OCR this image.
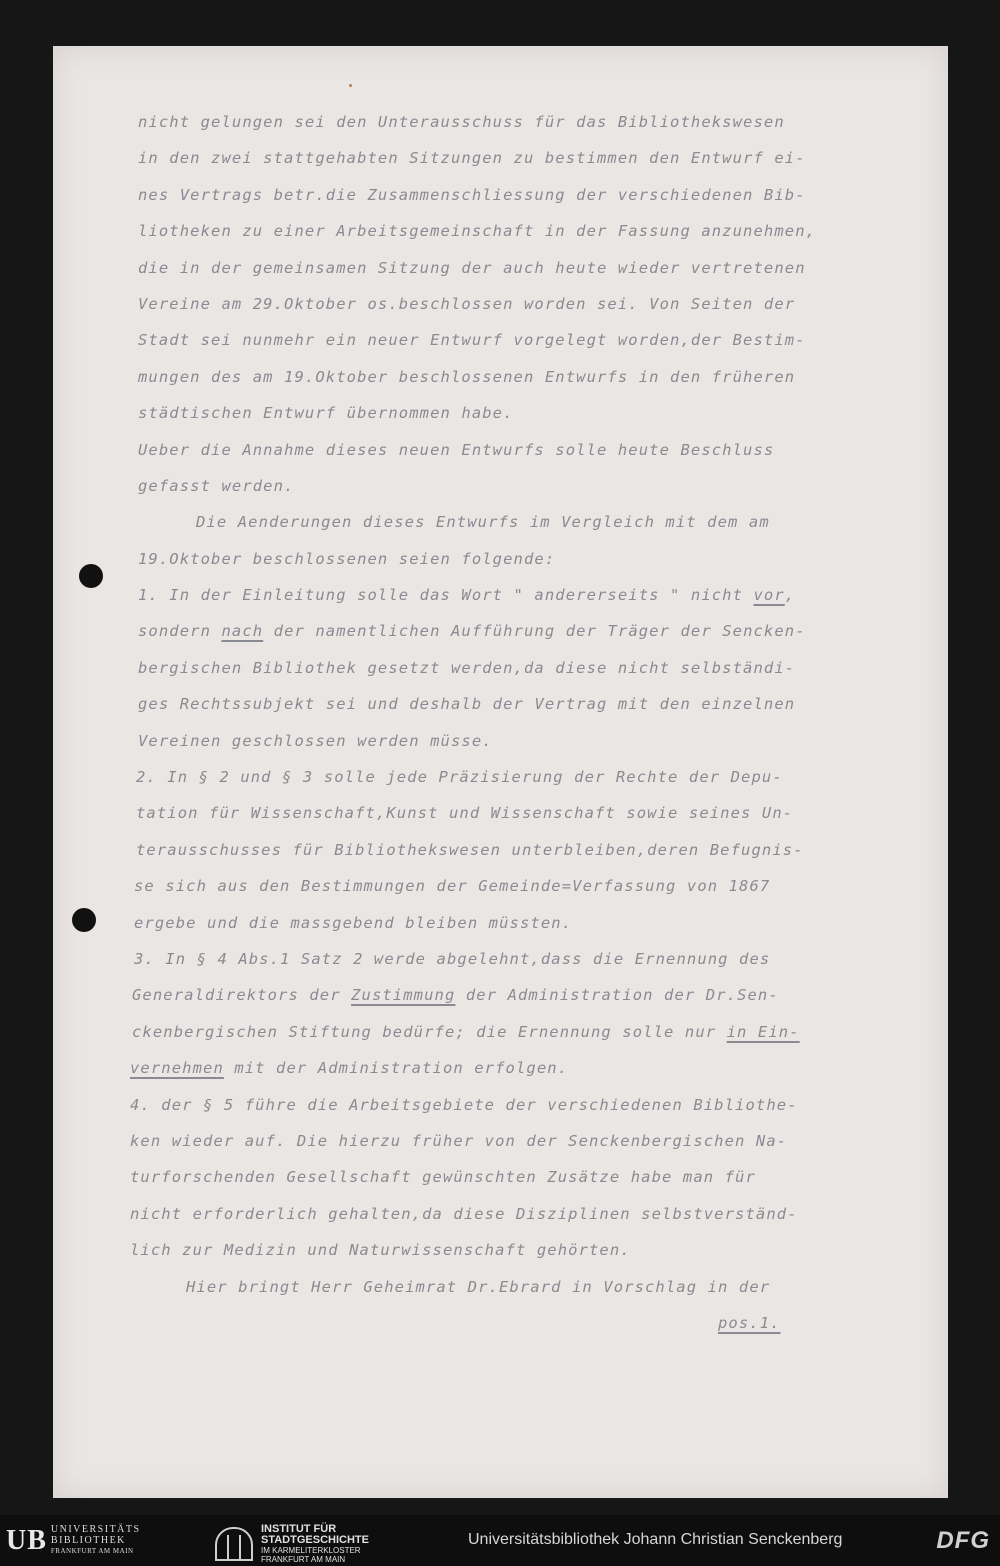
nicht gelungen sei den Unterausschuss für das Bibliothekswesen
in den zwei stattgehabten Sitzungen zu bestimmen den Entwurf ei-
nes Vertrags betr.die Zusammenschliessung der verschiedenen Bib-
liotheken zu einer Arbeitsgemeinschaft in der Fassung anzunehmen,
die in der gemeinsamen Sitzung der auch heute wieder vertretenen
Vereine am 29.Oktober os.beschlossen worden sei. Von Seiten der
Stadt sei nunmehr ein neuer Entwurf vorgelegt worden,der Bestim-
mungen des am 19.Oktober beschlossenen Entwurfs in den früheren
städtischen Entwurf übernommen habe.
Ueber die Annahme dieses neuen Entwurfs solle heute Beschluss
gefasst werden.
Die Aenderungen dieses Entwurfs im Vergleich mit dem am
19.Oktober beschlossenen seien folgende:
1. In der Einleitung solle das Wort " andererseits " nicht vor,
sondern nach der namentlichen Aufführung der Träger der Sencken-
bergischen Bibliothek gesetzt werden,da diese nicht selbständi-
ges Rechtssubjekt sei und deshalb der Vertrag mit den einzelnen
Vereinen geschlossen werden müsse.
2. In § 2 und § 3 solle jede Präzisierung der Rechte der Depu-
tation für Wissenschaft,Kunst und Wissenschaft sowie seines Un-
terausschusses für Bibliothekswesen unterbleiben,deren Befugnis-
se sich aus den Bestimmungen der Gemeinde=Verfassung von 1867
ergebe und die massgebend bleiben müssten.
3. In § 4 Abs.1 Satz 2 werde abgelehnt,dass die Ernennung des
Generaldirektors der Zustimmung der Administration der Dr.Sen-
ckenbergischen Stiftung bedürfe; die Ernennung solle nur in Ein-
vernehmen mit der Administration erfolgen.
4. der § 5 führe die Arbeitsgebiete der verschiedenen Bibliothe-
ken wieder auf. Die hierzu früher von der Senckenbergischen Na-
turforschenden Gesellschaft gewünschten Zusätze habe man für
nicht erforderlich gehalten,da diese Disziplinen selbstverständ-
lich zur Medizin und Naturwissenschaft gehörten.
Hier bringt Herr Geheimrat Dr.Ebrard in Vorschlag in der
pos.1.
UB UNIVERSITÄTS
BIBLIOTHEK
FRANKFURT AM MAIN
INSTITUT FÜR
STADTGESCHICHTE
IM KARMELITERKLOSTER
FRANKFURT AM MAIN
Universitätsbibliothek Johann Christian Senckenberg	DFG
